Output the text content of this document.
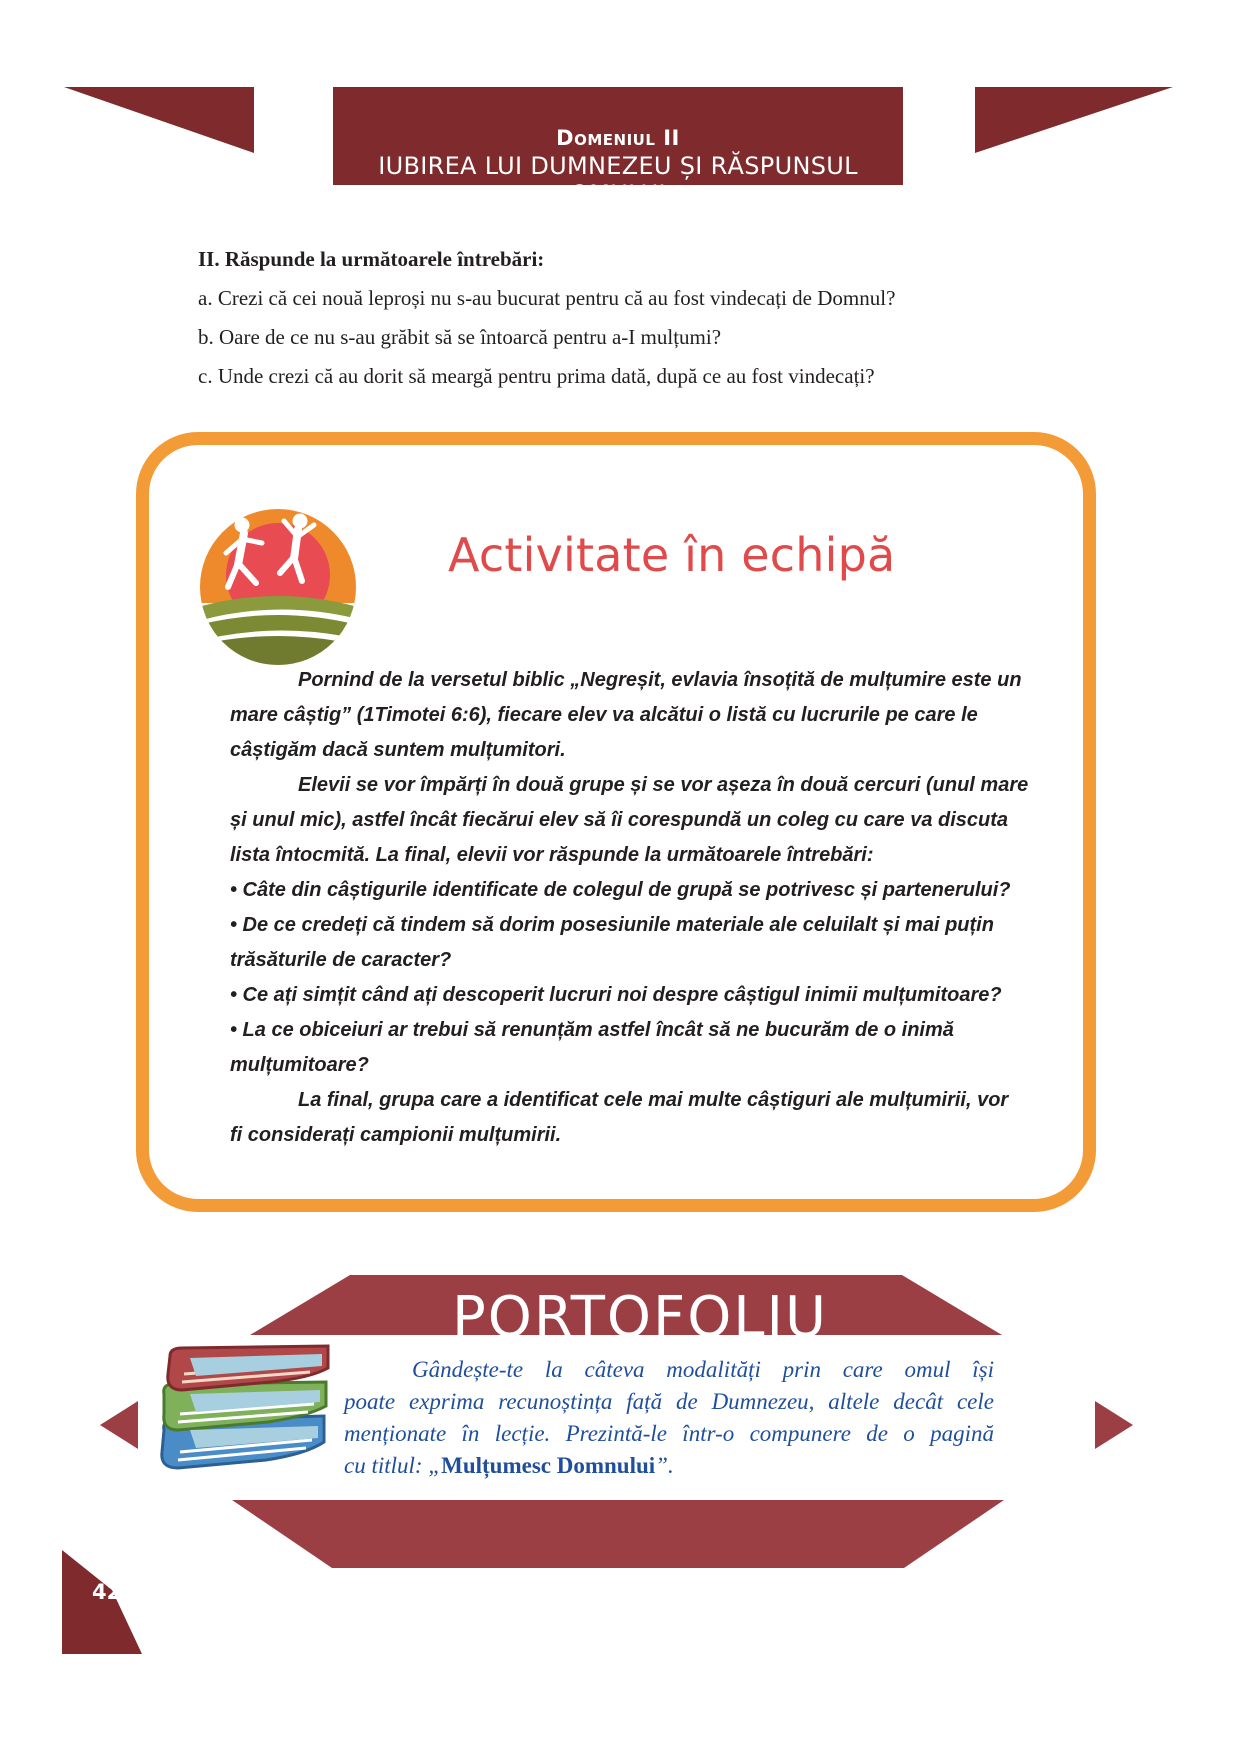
Domeniul II
IUBIREA LUI DUMNEZEU ȘI RĂSPUNSUL OMULUI
II. Răspunde la următoarele întrebări:
a. Crezi că cei nouă leproși nu s-au bucurat pentru că au fost vindecați de Domnul?
b. Oare de ce nu s-au grăbit să se întoarcă pentru a-I mulțumi?
c. Unde crezi că au dorit să meargă pentru prima dată, după ce au fost vindecați?
Activitate în echipă
Pornind de la versetul biblic „Negreșit, evlavia însoțită de mulțumire este un
mare câștig” (1Timotei 6:6), fiecare elev va alcătui o listă cu lucrurile pe care le
câștigăm dacă suntem mulțumitori.
Elevii se vor împărți în două grupe și se vor așeza în două cercuri (unul mare
și unul mic), astfel încât fiecărui elev să îi corespundă un coleg cu care va discuta
lista întocmită. La final, elevii vor răspunde la următoarele întrebări:
• Câte din câștigurile identificate de colegul de grupă se potrivesc și partenerului?
• De ce credeți că tindem să dorim posesiunile materiale ale celuilalt și mai puțin
trăsăturile de caracter?
• Ce ați simțit când ați descoperit lucruri noi despre câștigul inimii mulțumitoare?
• La ce obiceiuri ar trebui să renunțăm astfel încât să ne bucurăm de o inimă
mulțumitoare?
La final, grupa care a identificat cele mai multe câștiguri ale mulțumirii, vor
fi considerați campionii mulțumirii.
PORTOFOLIU
Gândește-te la câteva modalități prin care omul își
poate exprima recunoștința față de Dumnezeu, altele decât cele
menționate în lecție. Prezintă-le într-o compunere de o pagină
cu titlul: „Mulțumesc Domnului”.
42
